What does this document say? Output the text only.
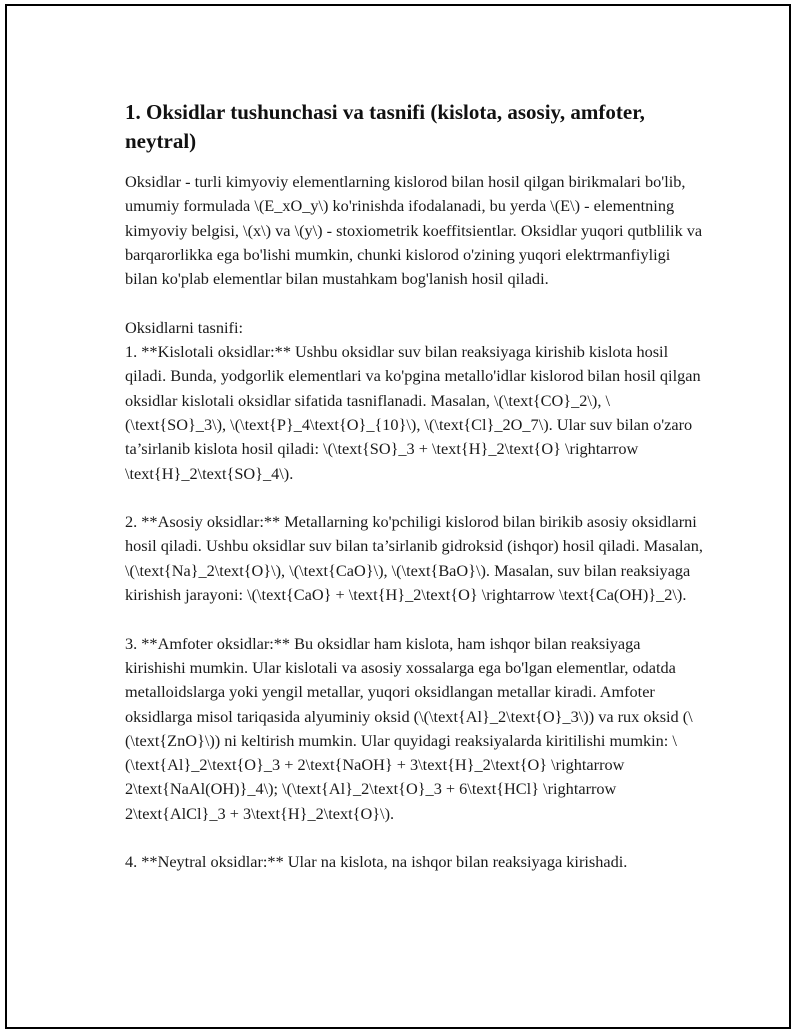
1. Oksidlar tushunchasi va tasnifi (kislota, asosiy, amfoter, neytral)

Oksidlar - turli kimyoviy elementlarning kislorod bilan hosil qilgan birikmalari bo'lib, umumiy formulada \(E_xO_y\) ko'rinishda ifodalanadi, bu yerda \(E\) - elementning kimyoviy belgisi, \(x\) va \(y\) - stoxiometrik koeffitsientlar. Oksidlar yuqori qutblilik va barqarorlikka ega bo'lishi mumkin, chunki kislorod o'zining yuqori elektrmanfiyligi bilan ko'plab elementlar bilan mustahkam bog'lanish hosil qiladi.

Oksidlarni tasnifi:

1. **Kislotali oksidlar:** Ushbu oksidlar suv bilan reaksiyaga kirishib kislota hosil qiladi. Bunda, yodgorlik elementlari va ko'pgina metallo'idlar kislorod bilan hosil qilgan oksidlar kislotali oksidlar sifatida tasniflanadi. Masalan, \(\text{CO}_2\), \(\text{SO}_3\), \(\text{P}_4\text{O}_{10}\), \(\text{Cl}_2O_7\). Ular suv bilan o'zaro ta’sirlanib kislota hosil qiladi: \(\text{SO}_3 + \text{H}_2\text{O} \rightarrow \text{H}_2\text{SO}_4\).

2. **Asosiy oksidlar:** Metallarning ko'pchiligi kislorod bilan birikib asosiy oksidlarni hosil qiladi. Ushbu oksidlar suv bilan ta’sirlanib gidroksid (ishqor) hosil qiladi. Masalan, \(\text{Na}_2\text{O}\), \(\text{CaO}\), \(\text{BaO}\). Masalan, suv bilan reaksiyaga kirishish jarayoni: \(\text{CaO} + \text{H}_2\text{O} \rightarrow \text{Ca(OH)}_2\).

3. **Amfoter oksidlar:** Bu oksidlar ham kislota, ham ishqor bilan reaksiyaga kirishishi mumkin. Ular kislotali va asosiy xossalarga ega bo'lgan elementlar, odatda metalloidslarga yoki yengil metallar, yuqori oksidlangan metallar kiradi. Amfoter oksidlarga misol tariqasida alyuminiy oksid (\(\text{Al}_2\text{O}_3\)) va rux oksid (\(\text{ZnO}\)) ni keltirish mumkin. Ular quyidagi reaksiyalarda kiritilishi mumkin: \(\text{Al}_2\text{O}_3 + 2\text{NaOH} + 3\text{H}_2\text{O} \rightarrow 2\text{NaAl(OH)}_4\); \(\text{Al}_2\text{O}_3 + 6\text{HCl} \rightarrow 2\text{AlCl}_3 + 3\text{H}_2\text{O}\).

4. **Neytral oksidlar:** Ular na kislota, na ishqor bilan reaksiyaga kirishadi.
